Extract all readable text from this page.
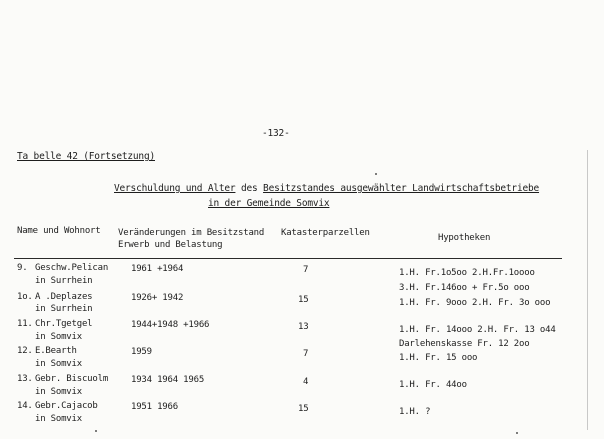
-132-
Ta belle 42 (Fortsetzung)
Verschuldung und Alter des Besitzstandes ausgewählter Landwirtschaftsbetriebe
in der Gemeinde Somvix
Name und Wohnort Veränderungen im Besitzstand
Erwerb und Belastung
Katasterparzellen	Hypotheken
9. Geschw.Pelican
in Surrhein
1961 +1964	7	1.H. Fr.1o5oo 2.H.Fr.1oooo
3.H. Fr.146oo + Fr.5o ooo
1o. A .Deplazes
in Surrhein
1926+ 1942	15	1.H. Fr. 9ooo 2.H. Fr. 3o ooo
11. Chr.Tgetgel
in Somvix
1944+1948 +1966	13	1.H. Fr. 14ooo 2.H. Fr. 13 o44
Darlehenskasse Fr. 12 2oo
12. E.Bearth
in Somvix
1959	7	1.H. Fr. 15 ooo
13. Gebr. Biscuolm
in Somvix
1934 1964 1965	4	1.H. Fr. 44oo
14. Gebr.Cajacob
in Somvix
1951 1966	15	1.H. ?
